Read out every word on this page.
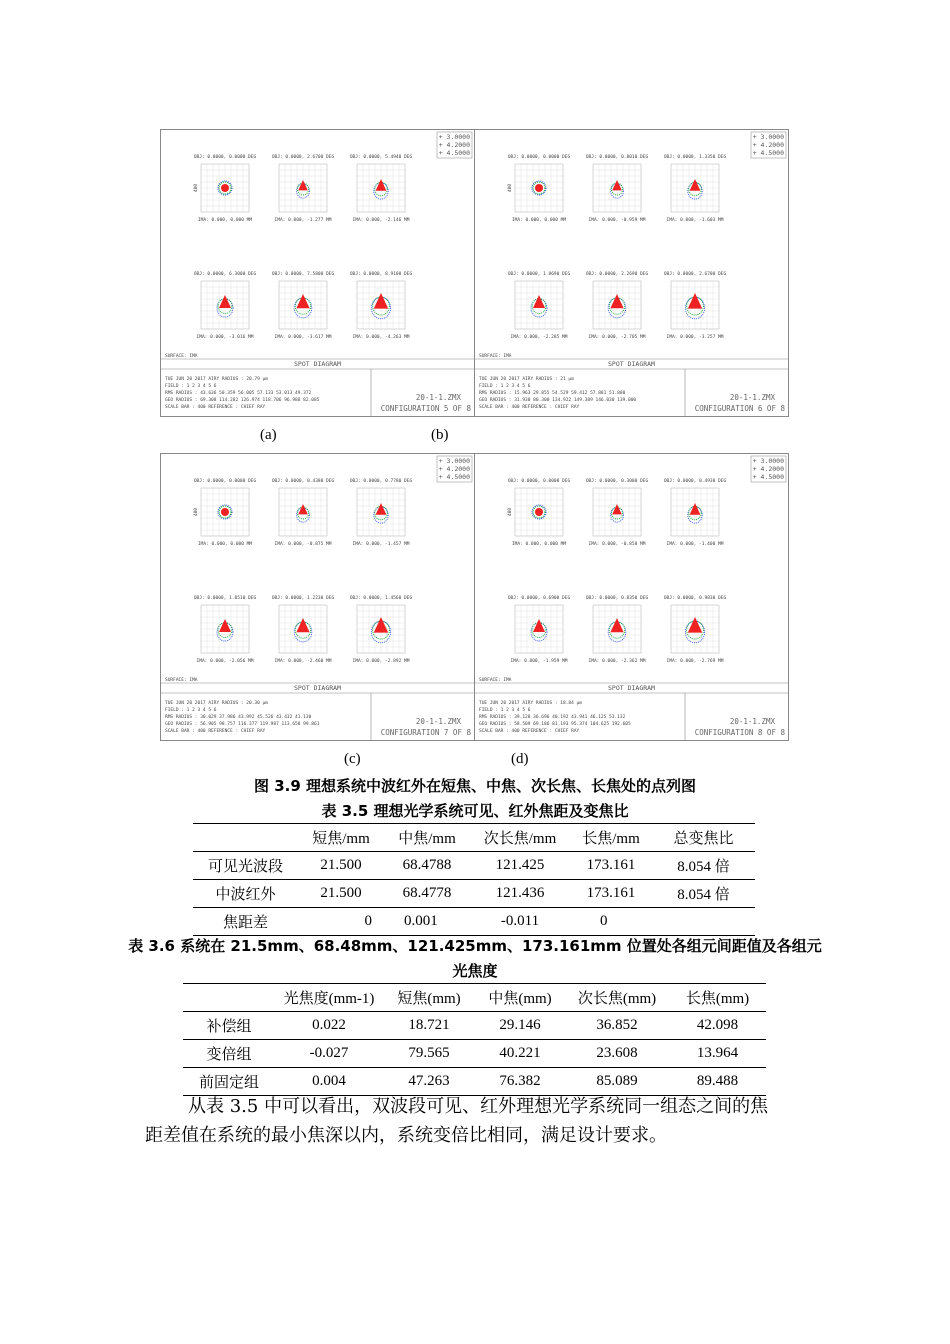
+ 3.0000
+ 4.2000
+ 4.5000
OBJ: 0.0000, 0.0000 DEG
400
IMA: 0.000, 0.000 MM
OBJ: 0.0000, 2.6700 DEG
IMA: 0.000, -1.277 MM
OBJ: 0.0000, 5.4940 DEG
IMA: 0.000, -2.146 MM
OBJ: 0.0000, 6.3000 DEG
IMA: 0.000, -3.016 MM
OBJ: 0.0000, 7.5800 DEG
IMA: 0.000, -3.617 MM
OBJ: 0.0000, 8.9100 DEG
IMA: 0.000, -4.263 MM
SURFACE: IMA
SPOT DIAGRAM
TUE JUN 20 2017 AIRY RADIUS : 20.79 µm
FIELD : 1 2 3 4 5 6
RMS RADIUS : 43.636 50.359 56.005 57.133 53.013 49.372
GEO RADIUS : 69.308 114.282 126.974 118.706 96.988 82.085
SCALE BAR : 400 REFERENCE : CHIEF RAY
20-1-1.ZMX
CONFIGURATION 5 OF 8
+ 3.0000
+ 4.2000
+ 4.5000
OBJ: 0.0000, 0.0000 DEG
400
IMA: 0.000, 0.000 MM
OBJ: 0.0000, 0.8010 DEG
IMA: 0.000, -0.959 MM
OBJ: 0.0000, 1.3350 DEG
IMA: 0.000, -1.603 MM
OBJ: 0.0000, 1.8690 DEG
IMA: 0.000, -2.285 MM
OBJ: 0.0000, 2.2690 DEG
IMA: 0.000, -2.705 MM
OBJ: 0.0000, 2.6700 DEG
IMA: 0.000, -3.257 MM
SURFACE: IMA
SPOT DIAGRAM
TUE JUN 20 2017 AIRY RADIUS : 21 µm
FIELD : 1 2 3 4 5 6
RMS RADIUS : 15.963 29.855 54.529 59.412 57.881 51.880
GEO RADIUS : 31.930 80.300 134.922 149.389 146.030 139.000
SCALE BAR : 400 REFERENCE : CHIEF RAY
20-1-1.ZMX
CONFIGURATION 6 OF 8
(a)	(b)
+ 3.0000
+ 4.2000
+ 4.5000
OBJ: 0.0000, 0.0000 DEG
400
IMA: 0.000, 0.000 MM
OBJ: 0.0000, 0.4380 DEG
IMA: 0.000, -0.875 MM
OBJ: 0.0000, 0.7780 DEG
IMA: 0.000, -1.457 MM
OBJ: 0.0000, 1.0510 DEG
IMA: 0.000, -2.056 MM
OBJ: 0.0000, 1.2230 DEG
IMA: 0.000, -2.460 MM
OBJ: 0.0000, 1.4560 DEG
IMA: 0.000, -2.892 MM
SURFACE: IMA
SPOT DIAGRAM
TUE JUN 20 2017 AIRY RADIUS : 20.30 µm
FIELD : 1 2 3 4 5 6
RMS RADIUS : 30.029 37.986 43.992 45.526 43.432 41.130
GEO RADIUS : 56.905 98.757 116.377 119.987 113.658 99.861
SCALE BAR : 400 REFERENCE : CHIEF RAY
20-1-1.ZMX
CONFIGURATION 7 OF 8
+ 3.0000
+ 4.2000
+ 4.5000
OBJ: 0.0000, 0.0000 DEG
400
IMA: 0.000, 0.000 MM
OBJ: 0.0000, 0.3000 DEG
IMA: 0.000, -0.858 MM
OBJ: 0.0000, 0.4930 DEG
IMA: 0.000, -1.400 MM
OBJ: 0.0000, 0.6900 DEG
IMA: 0.000, -1.959 MM
OBJ: 0.0000, 0.8350 DEG
IMA: 0.000, -2.362 MM
OBJ: 0.0000, 0.9830 DEG
IMA: 0.000, -2.769 MM
SURFACE: IMA
SPOT DIAGRAM
TUE JUN 20 2017 AIRY RADIUS : 18.84 µm
FIELD : 1 2 3 4 5 6
RMS RADIUS : 39.128 36.696 40.192 43.941 46.125 53.132
GEO RADIUS : 58.509 69.186 81.193 95.374 104.625 192.605
SCALE BAR : 400 REFERENCE : CHIEF RAY
20-1-1.ZMX
CONFIGURATION 8 OF 8
(c)	(d)
图 3.9 理想系统中波红外在短焦、中焦、次长焦、长焦处的点列图
表 3.5 理想光学系统可见、红外焦距及变焦比
	短焦/mm	中焦/mm	次长焦/mm	长焦/mm	总变焦比
可见光波段	21.500	68.4788	121.425	173.161	8.054 倍
中波红外	21.500	68.4778	121.436	173.161	8.054 倍
焦距差	0	0.001	-0.011	0	
表 3.6 系统在 21.5mm、68.48mm、121.425mm、173.161mm 位置处各组元间距值及各组元
光焦度
	光焦度(mm-1)	短焦(mm)	中焦(mm)	次长焦(mm)	长焦(mm)
补偿组	0.022	18.721	29.146	36.852	42.098
变倍组	-0.027	79.565	40.221	23.608	13.964
前固定组	0.004	47.263	76.382	85.089	89.488
从表 3.5 中可以看出，双波段可见、红外理想光学系统同一组态之间的焦
距差值在系统的最小焦深以内，系统变倍比相同，满足设计要求。
